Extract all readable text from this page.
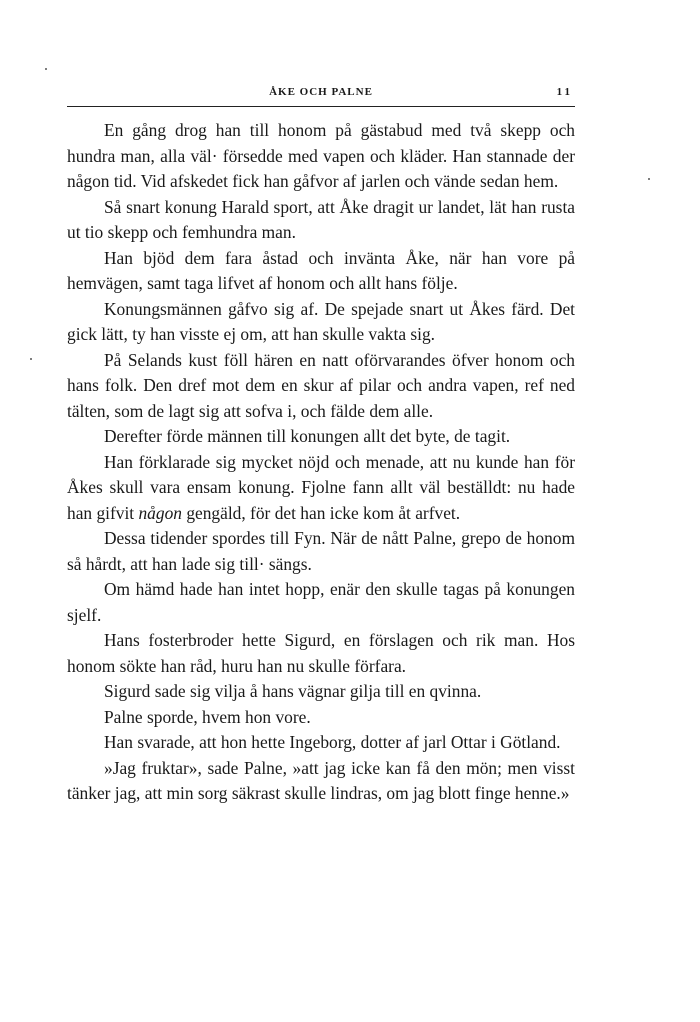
ÅKE OCH PALNE	11

En gång drog han till honom på gästabud med två skepp och hundra man, alla väl· försedde med vapen och kläder. Han stannade der någon tid. Vid afskedet fick han gåfvor af jarlen och vände sedan hem.

Så snart konung Harald sport, att Åke dragit ur landet, lät han rusta ut tio skepp och femhundra man.

Han bjöd dem fara åstad och invänta Åke, när han vore på hemvägen, samt taga lifvet af honom och allt hans följe.

Konungsmännen gåfvo sig af. De spejade snart ut Åkes färd. Det gick lätt, ty han visste ej om, att han skulle vakta sig.

På Selands kust föll hären en natt oförvarandes öfver honom och hans folk. Den dref mot dem en skur af pilar och andra vapen, ref ned tälten, som de lagt sig att sofva i, och fälde dem alle.

Derefter förde männen till konungen allt det byte, de tagit.

Han förklarade sig mycket nöjd och menade, att nu kunde han för Åkes skull vara ensam konung. Fjolne fann allt väl beställdt: nu hade han gifvit någon gengäld, för det han icke kom åt arfvet.

Dessa tidender spordes till Fyn. När de nått Palne, grepo de honom så hårdt, att han lade sig till· sängs.

Om hämd hade han intet hopp, enär den skulle tagas på konungen sjelf.

Hans fosterbroder hette Sigurd, en förslagen och rik man. Hos honom sökte han råd, huru han nu skulle förfara.

Sigurd sade sig vilja å hans vägnar gilja till en qvinna.

Palne sporde, hvem hon vore.

Han svarade, att hon hette Ingeborg, dotter af jarl Ottar i Götland.

»Jag fruktar», sade Palne, »att jag icke kan få den mön; men visst tänker jag, att min sorg säkrast skulle lindras, om jag blott finge henne.»
